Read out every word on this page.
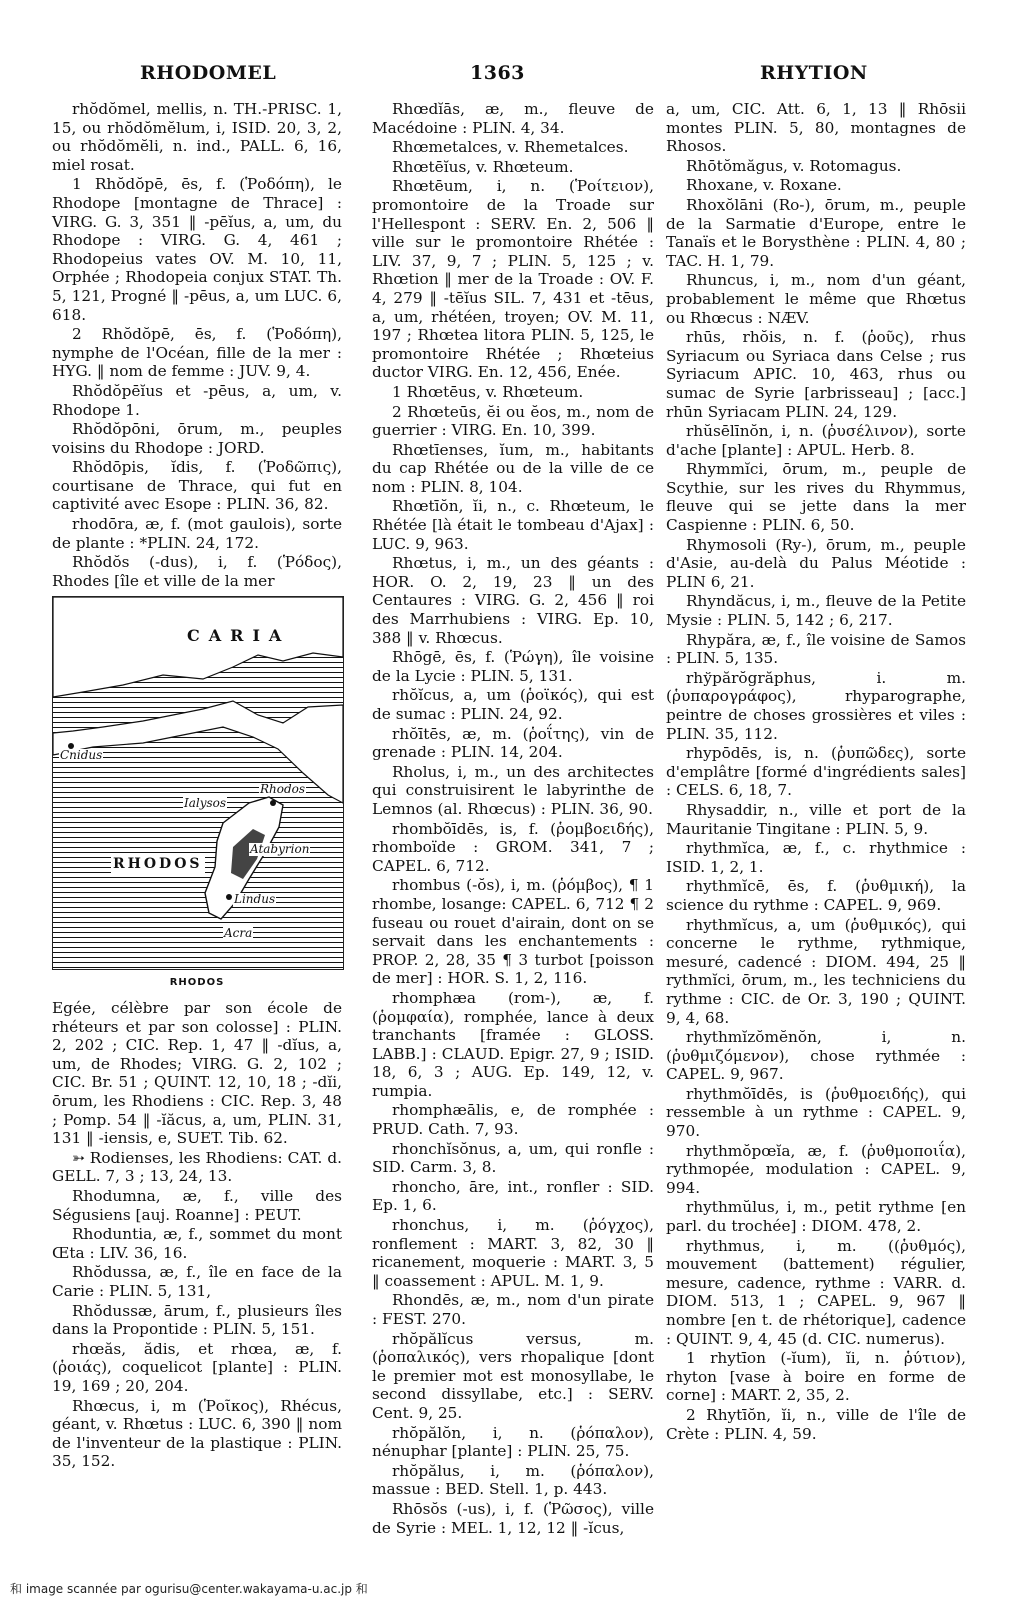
RHODOMEL	1363	RHYTION

rhŏdŏmel, mellis, n. TH.-PRISC. 1, 15, ou rhŏdŏmĕlum, i, ISID. 20, 3, 2, ou rhŏdŏmĕli, n. ind., PALL. 6, 16, miel rosat.

1 Rhŏdŏpē, ēs, f. (Ῥοδόπη), le Rhodope [montagne de Thrace] : VIRG. G. 3, 351 ‖ -pēĭus, a, um, du Rhodope : VIRG. G. 4, 461 ; Rhodopeius vates OV. M. 10, 11, Orphée ; Rhodopeia conjux STAT. Th. 5, 121, Progné ‖ -pēus, a, um LUC. 6, 618.

2 Rhŏdŏpē, ēs, f. (Ῥοδόπη), nymphe de l'Océan, fille de la mer : HYG. ‖ nom de femme : JUV. 9, 4.

Rhŏdŏpēĭus et -pēus, a, um, v. Rhodope 1.

Rhŏdŏpōni, ōrum, m., peuples voisins du Rhodope : JORD.

Rhŏdōpis, ĭdis, f. (Ῥοδῶπις), courtisane de Thrace, qui fut en captivité avec Esope : PLIN. 36, 82.

rhodōra, æ, f. (mot gaulois), sorte de plante : *PLIN. 24, 172.

Rhŏdŏs (-dus), i, f. (Ῥόδος), Rhodes [île et ville de la mer

CARIA
Cnidus
Ialysos
Rhodos
Atabyrion
Lindus
Acra
RHODOS
RHODOS

Egée, célèbre par son école de rhéteurs et par son colosse] : PLIN. 2, 202 ; CIC. Rep. 1, 47 ‖ -dĭus, a, um, de Rhodes; VIRG. G. 2, 102 ; CIC. Br. 51 ; QUINT. 12, 10, 18 ; -dĭi, ōrum, les Rhodiens : CIC. Rep. 3, 48 ; Pomp. 54 ‖ -ĭăcus, a, um, PLIN. 31, 131 ‖ -iensis, e, SUET. Tib. 62.

➳ Rodienses, les Rhodiens: CAT. d. GELL. 7, 3 ; 13, 24, 13.

Rhodumna, æ, f., ville des Ségusiens [auj. Roanne] : PEUT.

Rhoduntia, æ, f., sommet du mont Œta : LIV. 36, 16.

Rhŏdussa, æ, f., île en face de la Carie : PLIN. 5, 131,

Rhŏdussæ, ārum, f., plusieurs îles dans la Propontide : PLIN. 5, 151.

rhœăs, ădis, et rhœa, æ, f. (ῥοιάς), coquelicot [plante] : PLIN. 19, 169 ; 20, 204.

Rhœcus, i, m (Ῥοῖκος), Rhécus, géant, v. Rhœtus : LUC. 6, 390 ‖ nom de l'inventeur de la plastique : PLIN. 35, 152.

Rhœdĭās, æ, m., fleuve de Macédoine : PLIN. 4, 34.

Rhœmetalces, v. Rhemetalces.

Rhœtēĭus, v. Rhœteum.

Rhœtēum, i, n. (Ῥοίτειον), promontoire de la Troade sur l'Hellespont : SERV. En. 2, 506 ‖ ville sur le promontoire Rhétée : LIV. 37, 9, 7 ; PLIN. 5, 125 ; v. Rhœtion ‖ mer de la Troade : OV. F. 4, 279 ‖ -tēĭus SIL. 7, 431 et -tēus, a, um, rhétéen, troyen; OV. M. 11, 197 ; Rhœtea litora PLIN. 5, 125, le promontoire Rhétée ; Rhœteius ductor VIRG. En. 12, 456, Enée.

1 Rhœtēus, v. Rhœteum.

2 Rhœteūs, ĕi ou ĕos, m., nom de guerrier : VIRG. En. 10, 399.

Rhœtīenses, ĭum, m., habitants du cap Rhétée ou de la ville de ce nom : PLIN. 8, 104.

Rhœtīŏn, ĭi, n., c. Rhœteum, le Rhétée [là était le tombeau d'Ajax] : LUC. 9, 963.

Rhœtus, i, m., un des géants : HOR. O. 2, 19, 23 ‖ un des Centaures : VIRG. G. 2, 456 ‖ roi des Marrhubiens : VIRG. Ep. 10, 388 ‖ v. Rhœcus.

Rhōgē, ēs, f. (Ῥώγη), île voisine de la Lycie : PLIN. 5, 131.

rhŏĭcus, a, um (ῥοϊκός), qui est de sumac : PLIN. 24, 92.

rhŏītēs, æ, m. (ῥοΐτης), vin de grenade : PLIN. 14, 204.

Rholus, i, m., un des architectes qui construisirent le labyrinthe de Lemnos (al. Rhœcus) : PLIN. 36, 90.

rhombŏīdēs, is, f. (ῥομβοειδής), rhomboïde : GROM. 341, 7 ; CAPEL. 6, 712.

rhombus (-ŏs), i, m. (ῥόμβος), ¶ 1 rhombe, losange: CAPEL. 6, 712 ¶ 2 fuseau ou rouet d'airain, dont on se servait dans les enchantements : PROP. 2, 28, 35 ¶ 3 turbot [poisson de mer] : HOR. S. 1, 2, 116.

rhomphæa (rom-), æ, f. (ῥομφαία), romphée, lance à deux tranchants [framée : GLOSS. LABB.] : CLAUD. Epigr. 27, 9 ; ISID. 18, 6, 3 ; AUG. Ep. 149, 12, v. rumpia.

rhomphæālis, e, de romphée : PRUD. Cath. 7, 93.

rhonchĭsŏnus, a, um, qui ronfle : SID. Carm. 3, 8.

rhoncho, āre, int., ronfler : SID. Ep. 1, 6.

rhonchus, i, m. (ῥόγχος), ronflement : MART. 3, 82, 30 ‖ ricanement, moquerie : MART. 3, 5 ‖ coassement : APUL. M. 1, 9.

Rhondēs, æ, m., nom d'un pirate : FEST. 270.

rhŏpălĭcus versus, m. (ῥοπαλικός), vers rhopalique [dont le premier mot est monosyllabe, le second dissyllabe, etc.] : SERV. Cent. 9, 25.

rhŏpălŏn, i, n. (ῥόπαλον), nénuphar [plante] : PLIN. 25, 75.

rhŏpălus, i, m. (ῥόπαλον), massue : BED. Stell. 1, p. 443.

Rhōsŏs (-us), i, f. (Ῥῶσος), ville de Syrie : MEL. 1, 12, 12 ‖ -ĭcus,

a, um, CIC. Att. 6, 1, 13 ‖ Rhōsii montes PLIN. 5, 80, montagnes de Rhosos.

Rhōtŏmăgus, v. Rotomagus.

Rhoxane, v. Roxane.

Rhoxŏlāni (Ro-), ōrum, m., peuple de la Sarmatie d'Europe, entre le Tanaïs et le Borysthène : PLIN. 4, 80 ; TAC. H. 1, 79.

Rhuncus, i, m., nom d'un géant, probablement le même que Rhœtus ou Rhœcus : NÆV.

rhūs, rhŏis, n. f. (ῥοῦς), rhus Syriacum ou Syriaca dans Celse ; rus Syriacum APIC. 10, 463, rhus ou sumac de Syrie [arbrisseau] ; [acc.] rhūn Syriacam PLIN. 24, 129.

rhŭsēlīnŏn, i, n. (ῥυσέλινον), sorte d'ache [plante] : APUL. Herb. 8.

Rhymmĭci, ōrum, m., peuple de Scythie, sur les rives du Rhymmus, fleuve qui se jette dans la mer Caspienne : PLIN. 6, 50.

Rhymosoli (Ry-), ōrum, m., peuple d'Asie, au-delà du Palus Méotide : PLIN 6, 21.

Rhyndăcus, i, m., fleuve de la Petite Mysie : PLIN. 5, 142 ; 6, 217.

Rhypăra, æ, f., île voisine de Samos : PLIN. 5, 135.

rhўpărŏgrăphus, i. m. (ῥυπαρογράφος), rhyparographe, peintre de choses grossières et viles : PLIN. 35, 112.

rhypōdēs, is, n. (ῥυπῶδες), sorte d'emplâtre [formé d'ingrédients sales] : CELS. 6, 18, 7.

Rhysaddir, n., ville et port de la Mauritanie Tingitane : PLIN. 5, 9.

rhythmĭca, æ, f., c. rhythmice : ISID. 1, 2, 1.

rhythmĭcē, ēs, f. (ῥυθμική), la science du rythme : CAPEL. 9, 969.

rhythmĭcus, a, um (ῥυθμικός), qui concerne le rythme, rythmique, mesuré, cadencé : DIOM. 494, 25 ‖ rythmĭci, ōrum, m., les techniciens du rythme : CIC. de Or. 3, 190 ; QUINT. 9, 4, 68.

rhythmĭzŏmĕnŏn, i, n. (ῥυθμιζόμενον), chose rythmée : CAPEL. 9, 967.

rhythmŏīdēs, is (ῥυθμοειδής), qui ressemble à un rythme : CAPEL. 9, 970.

rhythmŏpœĭa, æ, f. (ῥυθμοποιΐα), rythmopée, modulation : CAPEL. 9, 994.

rhythmŭlus, i, m., petit rythme [en parl. du trochée] : DIOM. 478, 2.

rhythmus, i, m. ((ῥυθμός), mouvement (battement) régulier, mesure, cadence, rythme : VARR. d. DIOM. 513, 1 ; CAPEL. 9, 967 ‖ nombre [en t. de rhétorique], cadence : QUINT. 9, 4, 45 (d. CIC. numerus).

1 rhytīon (-ĭum), ĭi, n. ῥύτιον), rhyton [vase à boire en forme de corne] : MART. 2, 35, 2.

2 Rhytīŏn, ĭi, n., ville de l'île de Crète : PLIN. 4, 59.

和 image scannée par ogurisu@center.wakayama-u.ac.jp 和
